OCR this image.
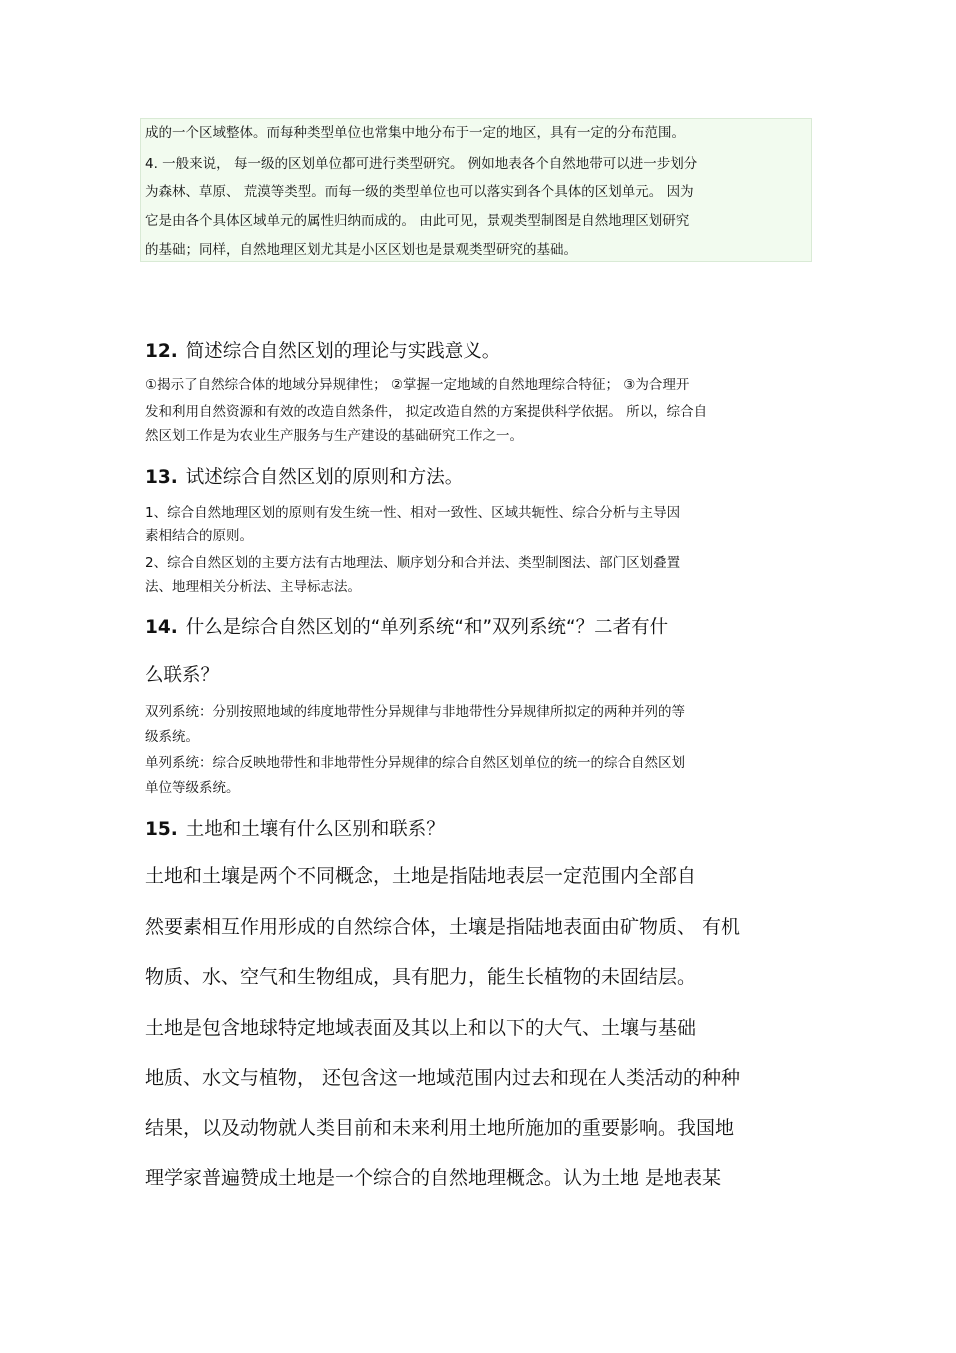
成的一个区域整体。而每种类型单位也常集中地分布于一定的地区，具有一定的分布范围。
4. 一般来说， 每一级的区划单位都可进行类型研究。 例如地表各个自然地带可以进一步划分
为森林、草原、 荒漠等类型。而每一级的类型单位也可以落实到各个具体的区划单元。 因为
它是由各个具体区域单元的属性归纳而成的。 由此可见，景观类型制图是自然地理区划研究
的基础；同样，自然地理区划尤其是小区区划也是景观类型研究的基础。
12. 简述综合自然区划的理论与实践意义。
①揭示了自然综合体的地域分异规律性； ②掌握一定地域的自然地理综合特征； ③为合理开
发和利用自然资源和有效的改造自然条件， 拟定改造自然的方案提供科学依据。 所以，综合自
然区划工作是为农业生产服务与生产建设的基础研究工作之一。
13. 试述综合自然区划的原则和方法。
1、综合自然地理区划的原则有发生统一性、相对一致性、区域共轭性、综合分析与主导因
素相结合的原则。
2、综合自然区划的主要方法有古地理法、顺序划分和合并法、类型制图法、部门区划叠置
法、地理相关分析法、主导标志法。
14. 什么是综合自然区划的“单列系统“和”双列系统“？二者有什
么联系？
双列系统：分别按照地域的纬度地带性分异规律与非地带性分异规律所拟定的两种并列的等
级系统。
单列系统：综合反映地带性和非地带性分异规律的综合自然区划单位的统一的综合自然区划
单位等级系统。
15. 土地和土壤有什么区别和联系？
土地和土壤是两个不同概念，土地是指陆地表层一定范围内全部自
然要素相互作用形成的自然综合体，土壤是指陆地表面由矿物质、 有机
物质、水、空气和生物组成，具有肥力，能生长植物的未固结层。
土地是包含地球特定地域表面及其以上和以下的大气、土壤与基础
地质、水文与植物， 还包含这一地域范围内过去和现在人类活动的种种
结果，以及动物就人类目前和未来利用土地所施加的重要影响。我国地
理学家普遍赞成土地是一个综合的自然地理概念。认为土地 是地表某
